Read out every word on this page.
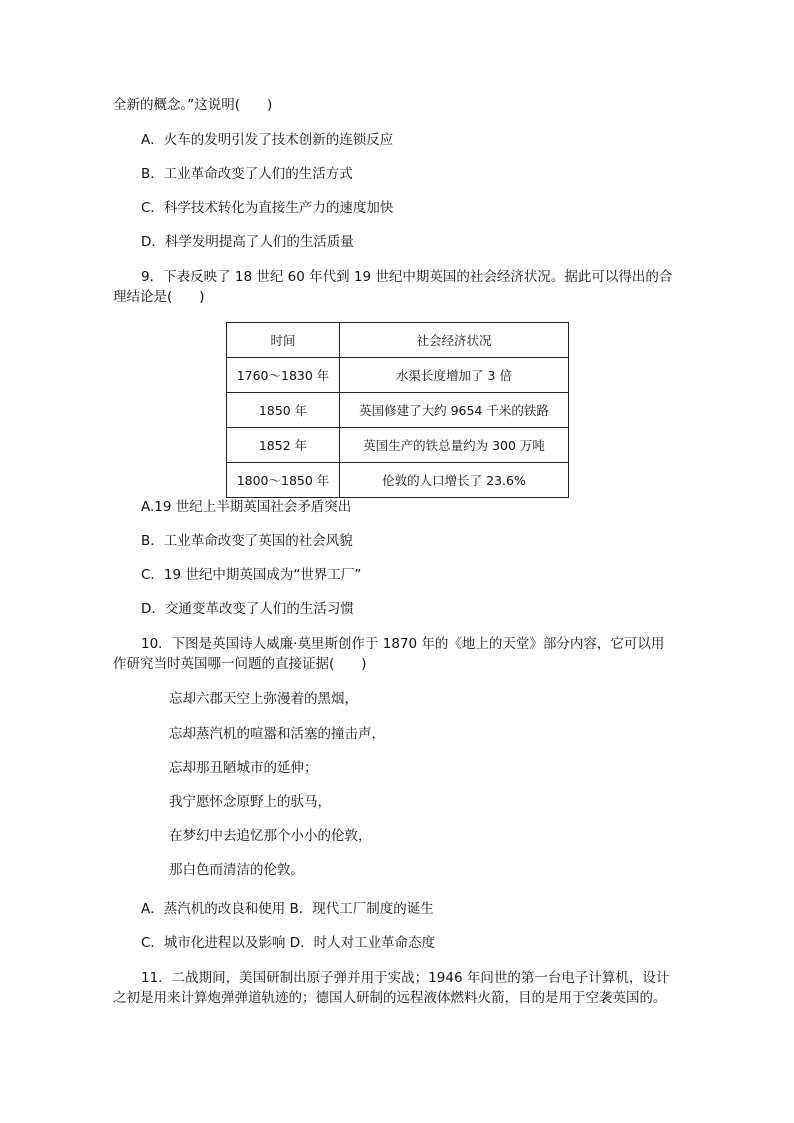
全新的概念。”这说明(　　)
A．火车的发明引发了技术创新的连锁反应
B．工业革命改变了人们的生活方式
C．科学技术转化为直接生产力的速度加快
D．科学发明提高了人们的生活质量
9．下表反映了 18 世纪 60 年代到 19 世纪中期英国的社会经济状况。据此可以得出的合
理结论是(　　)
时间	社会经济状况
1760～1830 年	水渠长度增加了 3 倍
1850 年	英国修建了大约 9654 千米的铁路
1852 年	英国生产的铁总量约为 300 万吨
1800～1850 年	伦敦的人口增长了 23.6%
A.19 世纪上半期英国社会矛盾突出
B．工业革命改变了英国的社会风貌
C．19 世纪中期英国成为“世界工厂”
D．交通变革改变了人们的生活习惯
10．下图是英国诗人威廉·莫里斯创作于 1870 年的《地上的天堂》部分内容，它可以用
作研究当时英国哪一问题的直接证据(　　)
忘却六郡天空上弥漫着的黑烟，
忘却蒸汽机的喧嚣和活塞的撞击声，
忘却那丑陋城市的延伸；
我宁愿怀念原野上的驮马，
在梦幻中去追忆那个小小的伦敦，
那白色而清洁的伦敦。
A．蒸汽机的改良和使用 B．现代工厂制度的诞生
C．城市化进程以及影响 D．时人对工业革命态度
11．二战期间，美国研制出原子弹并用于实战；1946 年问世的第一台电子计算机，设计
之初是用来计算炮弹弹道轨迹的；德国人研制的远程液体燃料火箭，目的是用于空袭英国的。
